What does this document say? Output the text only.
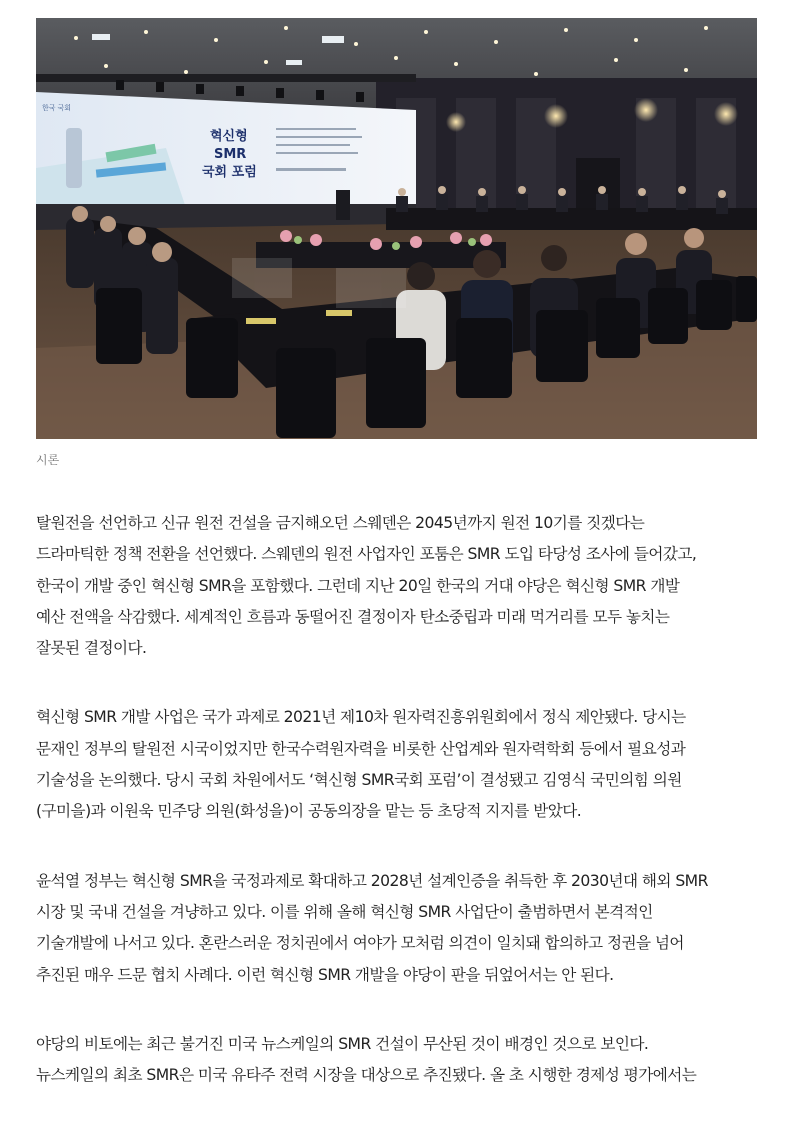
한국 국회
혁신형
SMR
국회 포럼
시론

탈원전을 선언하고 신규 원전 건설을 금지해오던 스웨덴은 2045년까지 원전 10기를 짓겠다는
드라마틱한 정책 전환을 선언했다. 스웨덴의 원전 사업자인 포툼은 SMR 도입 타당성 조사에 들어갔고,
한국이 개발 중인 혁신형 SMR을 포함했다. 그런데 지난 20일 한국의 거대 야당은 혁신형 SMR 개발
예산 전액을 삭감했다. 세계적인 흐름과 동떨어진 결정이자 탄소중립과 미래 먹거리를 모두 놓치는
잘못된 결정이다.

혁신형 SMR 개발 사업은 국가 과제로 2021년 제10차 원자력진흥위원회에서 정식 제안됐다. 당시는
문재인 정부의 탈원전 시국이었지만 한국수력원자력을 비롯한 산업계와 원자력학회 등에서 필요성과
기술성을 논의했다. 당시 국회 차원에서도 ‘혁신형 SMR국회 포럼’이 결성됐고 김영식 국민의힘 의원
(구미을)과 이원욱 민주당 의원(화성을)이 공동의장을 맡는 등 초당적 지지를 받았다.

윤석열 정부는 혁신형 SMR을 국정과제로 확대하고 2028년 설계인증을 취득한 후 2030년대 해외 SMR
시장 및 국내 건설을 겨냥하고 있다. 이를 위해 올해 혁신형 SMR 사업단이 출범하면서 본격적인
기술개발에 나서고 있다. 혼란스러운 정치권에서 여야가 모처럼 의견이 일치돼 합의하고 정권을 넘어
추진된 매우 드문 협치 사례다. 이런 혁신형 SMR 개발을 야당이 판을 뒤엎어서는 안 된다.

야당의 비토에는 최근 불거진 미국 뉴스케일의 SMR 건설이 무산된 것이 배경인 것으로 보인다.
뉴스케일의 최초 SMR은 미국 유타주 전력 시장을 대상으로 추진됐다. 올 초 시행한 경제성 평가에서는
